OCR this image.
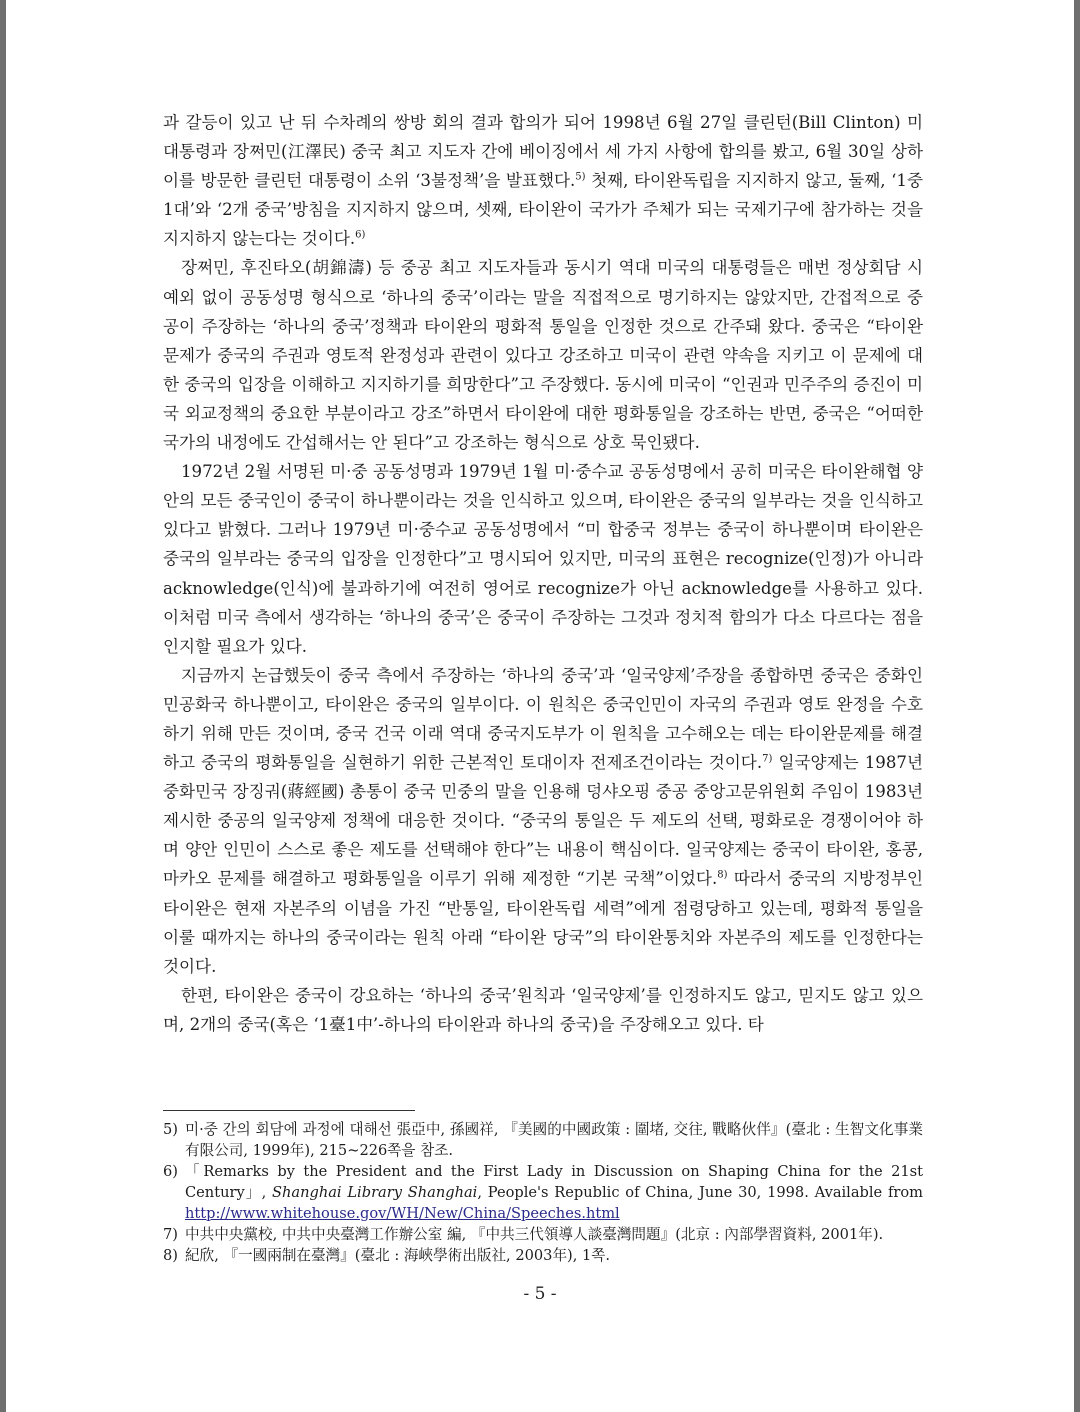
과 갈등이 있고 난 뒤 수차례의 쌍방 회의 결과 합의가 되어 1998년 6월 27일 클린턴(Bill Clinton) 미 대통령과 장쩌민(江澤民) 중국 최고 지도자 간에 베이징에서 세 가지 사항에 합의를 봤고, 6월 30일 상하이를 방문한 클린턴 대통령이 소위 ‘3불정책’을 발표했다.$^{5)}$ 첫째, 타이완독립을 지지하지 않고, 둘째, ‘1중1대’와 ‘2개 중국’방침을 지지하지 않으며, 셋째, 타이완이 국가가 주체가 되는 국제기구에 참가하는 것을 지지하지 않는다는 것이다.$^{6)}$

장쩌민, 후진타오(胡錦濤) 등 중공 최고 지도자들과 동시기 역대 미국의 대통령들은 매번 정상회담 시 예외 없이 공동성명 형식으로 ‘하나의 중국’이라는 말을 직접적으로 명기하지는 않았지만, 간접적으로 중공이 주장하는 ‘하나의 중국’정책과 타이완의 평화적 통일을 인정한 것으로 간주돼 왔다. 중국은 “타이완문제가 중국의 주권과 영토적 완정성과 관련이 있다고 강조하고 미국이 관련 약속을 지키고 이 문제에 대한 중국의 입장을 이해하고 지지하기를 희망한다”고 주장했다. 동시에 미국이 “인권과 민주주의 증진이 미국 외교정책의 중요한 부분이라고 강조”하면서 타이완에 대한 평화통일을 강조하는 반면, 중국은 “어떠한 국가의 내정에도 간섭해서는 안 된다”고 강조하는 형식으로 상호 묵인됐다.

1972년 2월 서명된 미·중 공동성명과 1979년 1월 미·중수교 공동성명에서 공히 미국은 타이완해협 양안의 모든 중국인이 중국이 하나뿐이라는 것을 인식하고 있으며, 타이완은 중국의 일부라는 것을 인식하고 있다고 밝혔다. 그러나 1979년 미·중수교 공동성명에서 “미 합중국 정부는 중국이 하나뿐이며 타이완은 중국의 일부라는 중국의 입장을 인정한다”고 명시되어 있지만, 미국의 표현은 recognize(인정)가 아니라 acknowledge(인식)에 불과하기에 여전히 영어로 recognize가 아닌 acknowledge를 사용하고 있다. 이처럼 미국 측에서 생각하는 ‘하나의 중국’은 중국이 주장하는 그것과 정치적 함의가 다소 다르다는 점을 인지할 필요가 있다.

지금까지 논급했듯이 중국 측에서 주장하는 ‘하나의 중국’과 ‘일국양제’주장을 종합하면 중국은 중화인민공화국 하나뿐이고, 타이완은 중국의 일부이다. 이 원칙은 중국인민이 자국의 주권과 영토 완정을 수호하기 위해 만든 것이며, 중국 건국 이래 역대 중국지도부가 이 원칙을 고수해오는 데는 타이완문제를 해결하고 중국의 평화통일을 실현하기 위한 근본적인 토대이자 전제조건이라는 것이다.$^{7)}$ 일국양제는 1987년 중화민국 장징궈(蔣經國) 총통이 중국 민중의 말을 인용해 덩샤오핑 중공 중앙고문위원회 주임이 1983년 제시한 중공의 일국양제 정책에 대응한 것이다. “중국의 통일은 두 제도의 선택, 평화로운 경쟁이어야 하며 양안 인민이 스스로 좋은 제도를 선택해야 한다”는 내용이 핵심이다. 일국양제는 중국이 타이완, 홍콩, 마카오 문제를 해결하고 평화통일을 이루기 위해 제정한 “기본 국책”이었다.$^{8)}$ 따라서 중국의 지방정부인 타이완은 현재 자본주의 이념을 가진 “반통일, 타이완독립 세력”에게 점령당하고 있는데, 평화적 통일을 이룰 때까지는 하나의 중국이라는 원칙 아래 “타이완 당국”의 타이완통치와 자본주의 제도를 인정한다는 것이다.

한편, 타이완은 중국이 강요하는 ‘하나의 중국’원칙과 ‘일국양제’를 인정하지도 않고, 믿지도 않고 있으며, 2개의 중국(혹은 ‘1臺1中’-하나의 타이완과 하나의 중국)을 주장해오고 있다. 타

5) 미·중 간의 회담에 과정에 대해선 張亞中, 孫國祥, 『美國的中國政策 : 圍堵, 交往, 戰略伙伴』(臺北 : 生智文化事業有限公司, 1999年), 215~226쪽을 참조.
6) 「Remarks by the President and the First Lady in Discussion on Shaping China for the 21st Century」, Shanghai Library Shanghai, People's Republic of China, June 30, 1998. Available from http://www.whitehouse.gov/WH/New/China/Speeches.html
7) 中共中央黨校, 中共中央臺灣工作辦公室 編, 『中共三代領導人談臺灣問題』(北京 : 內部學習資料, 2001年).
8) 紀欣, 『一國兩制在臺灣』(臺北 : 海峽學術出版社, 2003年), 1쪽.
- 5 -
